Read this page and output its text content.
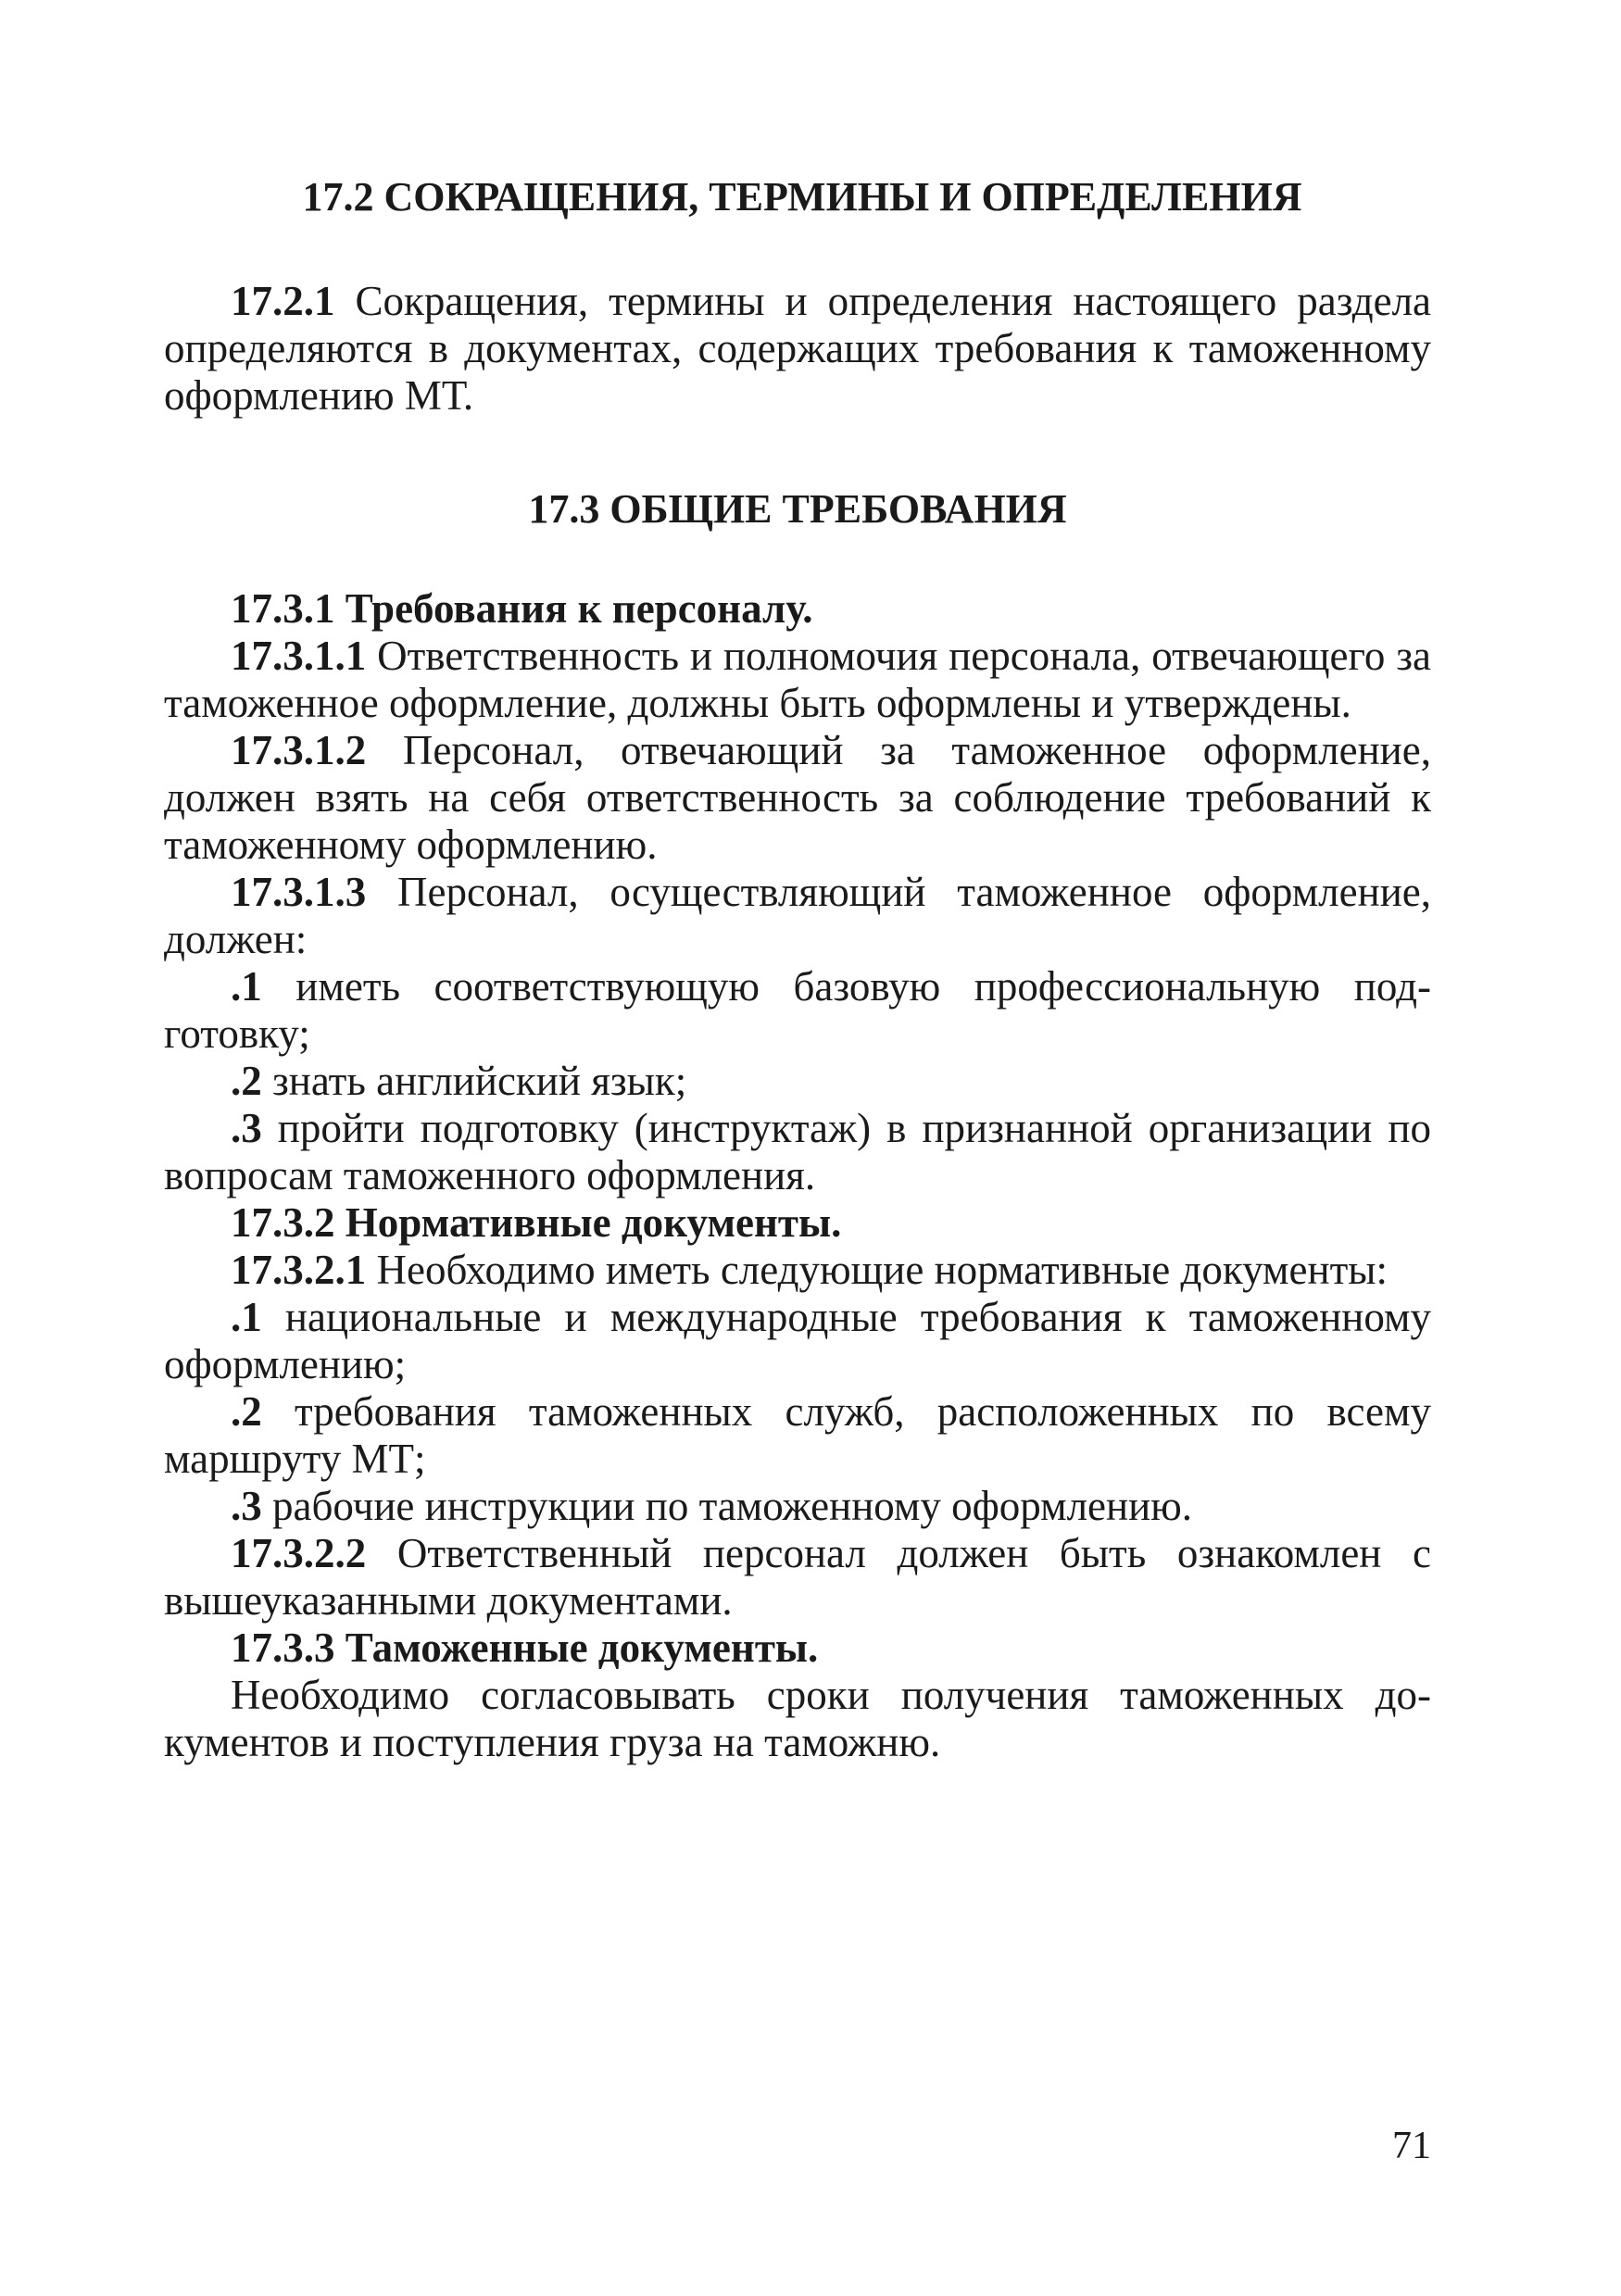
17.2 СОКРАЩЕНИЯ, ТЕРМИНЫ И ОПРЕДЕЛЕНИЯ

17.2.1 Сокращения, термины и определения настоящего раздела определяются в документах, содержащих требования к таможенному оформлению МТ.

17.3 ОБЩИЕ ТРЕБОВАНИЯ

17.3.1 Требования к персоналу.

17.3.1.1 Ответственность и полномочия персонала, отвечающего за таможенное оформление, должны быть оформлены и утверждены.

17.3.1.2 Персонал, отвечающий за таможенное оформление, должен взять на себя ответственность за соблюдение требований к таможенному оформлению.

17.3.1.3 Персонал, осуществляющий таможенное оформление, должен:

.1 иметь соответствующую базовую профессиональную подготовку;

.2 знать английский язык;

.3 пройти подготовку (инструктаж) в признанной организации по вопросам таможенного оформления.

17.3.2 Нормативные документы.

17.3.2.1 Необходимо иметь следующие нормативные документы:

.1 национальные и международные требования к таможенному оформлению;

.2 требования таможенных служб, расположенных по всему маршруту МТ;

.3 рабочие инструкции по таможенному оформлению.

17.3.2.2 Ответственный персонал должен быть ознакомлен с вышеуказанными документами.

17.3.3 Таможенные документы.

Необходимо согласовывать сроки получения таможенных документов и поступления груза на таможню.

71
